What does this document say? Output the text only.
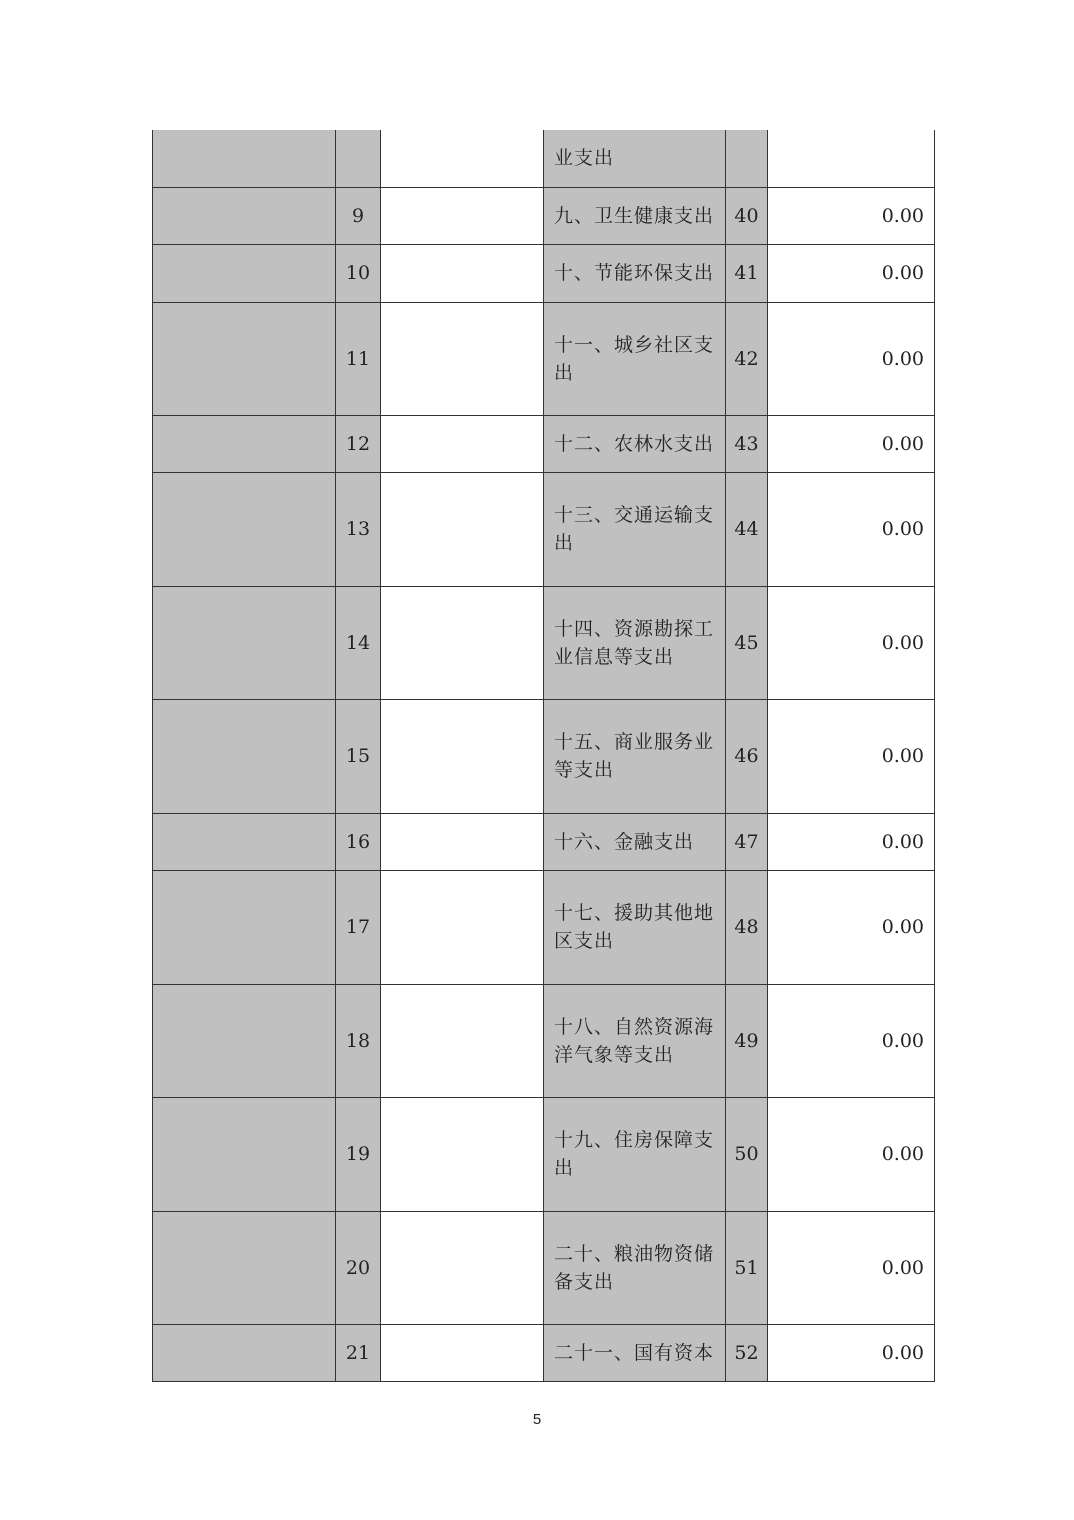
			业支出		
	9		九、卫生健康支出	40	0.00
	10		十、节能环保支出	41	0.00
	11		十一、城乡社区支出	42	0.00
	12		十二、农林水支出	43	0.00
	13		十三、交通运输支出	44	0.00
	14		十四、资源勘探工业信息等支出	45	0.00
	15		十五、商业服务业等支出	46	0.00
	16		十六、金融支出	47	0.00
	17		十七、援助其他地区支出	48	0.00
	18		十八、自然资源海洋气象等支出	49	0.00
	19		十九、住房保障支出	50	0.00
	20		二十、粮油物资储备支出	51	0.00
	21		二十一、国有资本	52	0.00
5
